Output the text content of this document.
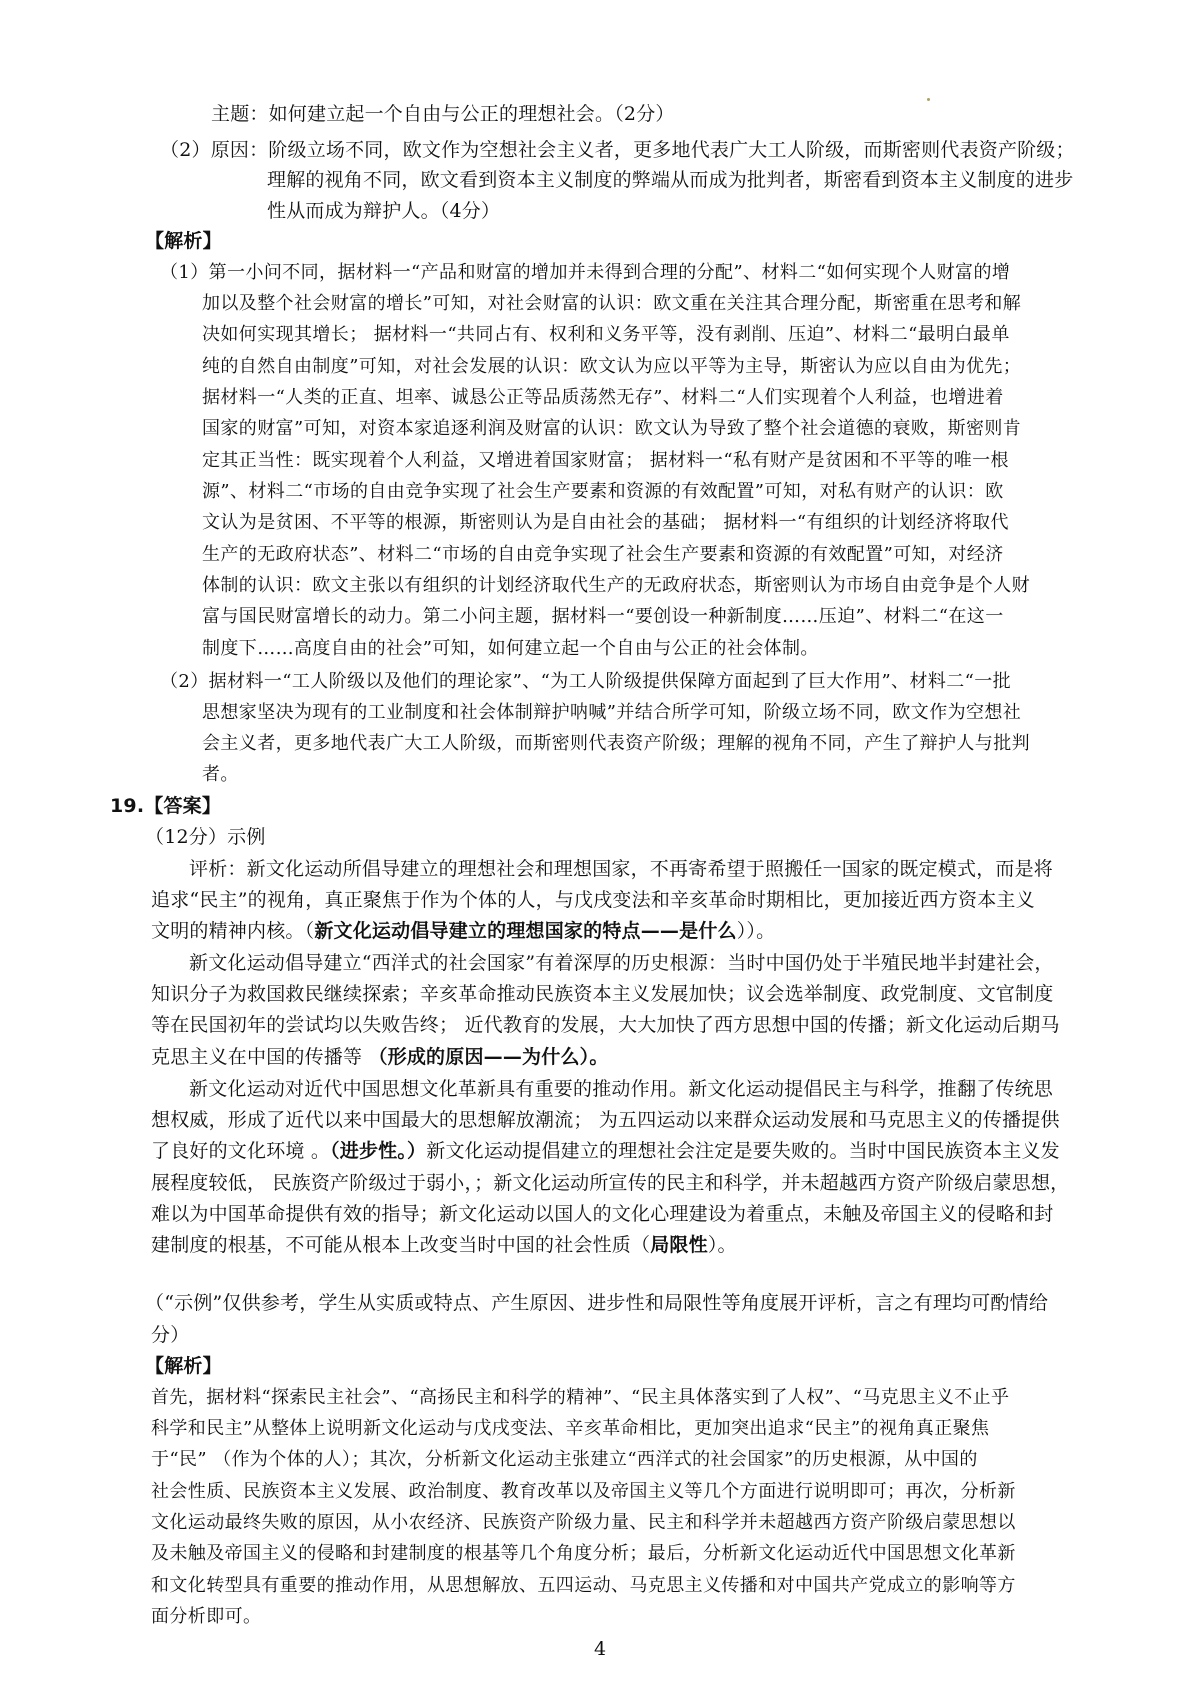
主题：如何建立起一个自由与公正的理想社会。（2分）
（2）原因：阶级立场不同，欧文作为空想社会主义者，更多地代表广大工人阶级，而斯密则代表资产阶级；
理解的视角不同，欧文看到资本主义制度的弊端从而成为批判者，斯密看到资本主义制度的进步
性从而成为辩护人。（4分）
【解析】
（1）第一小问不同，据材料一“产品和财富的增加并未得到合理的分配”、材料二“如何实现个人财富的增
加以及整个社会财富的增长”可知，对社会财富的认识：欧文重在关注其合理分配，斯密重在思考和解
决如何实现其增长； 据材料一“共同占有、权利和义务平等，没有剥削、压迫”、材料二“最明白最单
纯的自然自由制度”可知，对社会发展的认识：欧文认为应以平等为主导，斯密认为应以自由为优先；
据材料一“人类的正直、坦率、诚恳公正等品质荡然无存”、材料二“人们实现着个人利益，也增进着
国家的财富”可知，对资本家追逐利润及财富的认识：欧文认为导致了整个社会道德的衰败，斯密则肯
定其正当性：既实现着个人利益，又增进着国家财富； 据材料一“私有财产是贫困和不平等的唯一根
源”、材料二“市场的自由竞争实现了社会生产要素和资源的有效配置”可知，对私有财产的认识：欧
文认为是贫困、不平等的根源，斯密则认为是自由社会的基础； 据材料一“有组织的计划经济将取代
生产的无政府状态”、材料二“市场的自由竞争实现了社会生产要素和资源的有效配置”可知，对经济
体制的认识：欧文主张以有组织的计划经济取代生产的无政府状态，斯密则认为市场自由竞争是个人财
富与国民财富增长的动力。第二小问主题，据材料一“要创设一种新制度……压迫”、材料二“在这一
制度下……高度自由的社会”可知，如何建立起一个自由与公正的社会体制。
（2）据材料一“工人阶级以及他们的理论家”、“为工人阶级提供保障方面起到了巨大作用”、材料二“一批
思想家坚决为现有的工业制度和社会体制辩护呐喊”并结合所学可知，阶级立场不同，欧文作为空想社
会主义者，更多地代表广大工人阶级，而斯密则代表资产阶级；理解的视角不同，产生了辩护人与批判
者。
19.【答案】
（12分）示例
评析：新文化运动所倡导建立的理想社会和理想国家，不再寄希望于照搬任一国家的既定模式，而是将
追求“民主”的视角，真正聚焦于作为个体的人，与戊戌变法和辛亥革命时期相比，更加接近西方资本主义
文明的精神内核。（新文化运动倡导建立的理想国家的特点——是什么））。
新文化运动倡导建立“西洋式的社会国家”有着深厚的历史根源：当时中国仍处于半殖民地半封建社会，
知识分子为救国救民继续探索；辛亥革命推动民族资本主义发展加快；议会选举制度、政党制度、文官制度
等在民国初年的尝试均以失败告终； 近代教育的发展，大大加快了西方思想中国的传播；新文化运动后期马
克思主义在中国的传播等 （形成的原因——为什么）。
新文化运动对近代中国思想文化革新具有重要的推动作用。新文化运动提倡民主与科学，推翻了传统思
想权威，形成了近代以来中国最大的思想解放潮流； 为五四运动以来群众运动发展和马克思主义的传播提供
了良好的文化环境 。（进步性。）新文化运动提倡建立的理想社会注定是要失败的。当时中国民族资本主义发
展程度较低， 民族资产阶级过于弱小，；新文化运动所宣传的民主和科学，并未超越西方资产阶级启蒙思想，
难以为中国革命提供有效的指导；新文化运动以国人的文化心理建设为着重点，未触及帝国主义的侵略和封
建制度的根基，不可能从根本上改变当时中国的社会性质（局限性）。
（“示例”仅供参考，学生从实质或特点、产生原因、进步性和局限性等角度展开评析，言之有理均可酌情给
分）
【解析】
首先，据材料“探索民主社会”、“高扬民主和科学的精神”、“民主具体落实到了人权”、“马克思主义不止乎
科学和民主”从整体上说明新文化运动与戊戌变法、辛亥革命相比，更加突出追求“民主”的视角真正聚焦
于“民” （作为个体的人）；其次，分析新文化运动主张建立“西洋式的社会国家”的历史根源，从中国的
社会性质、民族资本主义发展、政治制度、教育改革以及帝国主义等几个方面进行说明即可；再次，分析新
文化运动最终失败的原因，从小农经济、民族资产阶级力量、民主和科学并未超越西方资产阶级启蒙思想以
及未触及帝国主义的侵略和封建制度的根基等几个角度分析；最后，分析新文化运动近代中国思想文化革新
和文化转型具有重要的推动作用，从思想解放、五四运动、马克思主义传播和对中国共产党成立的影响等方
面分析即可。
4
